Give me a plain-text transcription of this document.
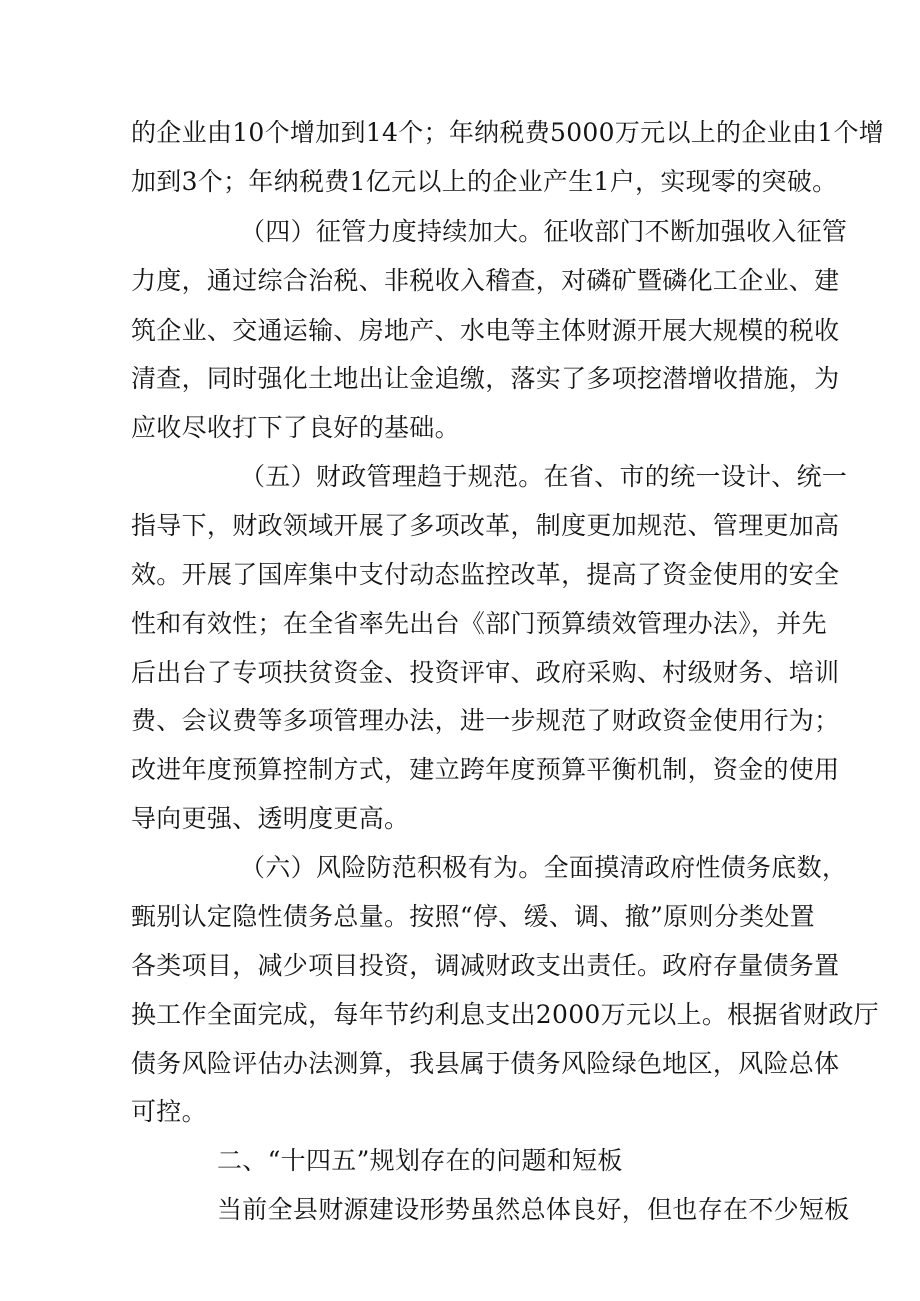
的企业由10个增加到14个；年纳税费5000万元以上的企业由1个增
加到3个；年纳税费1亿元以上的企业产生1户，实现零的突破。
（四）征管力度持续加大。征收部门不断加强收入征管
力度，通过综合治税、非税收入稽查，对磷矿暨磷化工企业、建
筑企业、交通运输、房地产、水电等主体财源开展大规模的税收
清查，同时强化土地出让金追缴，落实了多项挖潜增收措施，为
应收尽收打下了良好的基础。
（五）财政管理趋于规范。在省、市的统一设计、统一
指导下，财政领域开展了多项改革，制度更加规范、管理更加高
效。开展了国库集中支付动态监控改革，提高了资金使用的安全
性和有效性；在全省率先出台《部门预算绩效管理办法》，并先
后出台了专项扶贫资金、投资评审、政府采购、村级财务、培训
费、会议费等多项管理办法，进一步规范了财政资金使用行为；
改进年度预算控制方式，建立跨年度预算平衡机制，资金的使用
导向更强、透明度更高。
（六）风险防范积极有为。全面摸清政府性债务底数，
甄别认定隐性债务总量。按照“停、缓、调、撤”原则分类处置
各类项目，减少项目投资，调减财政支出责任。政府存量债务置
换工作全面完成，每年节约利息支出2000万元以上。根据省财政厅
债务风险评估办法测算，我县属于债务风险绿色地区，风险总体
可控。
二、“十四五”规划存在的问题和短板
当前全县财源建设形势虽然总体良好，但也存在不少短板
